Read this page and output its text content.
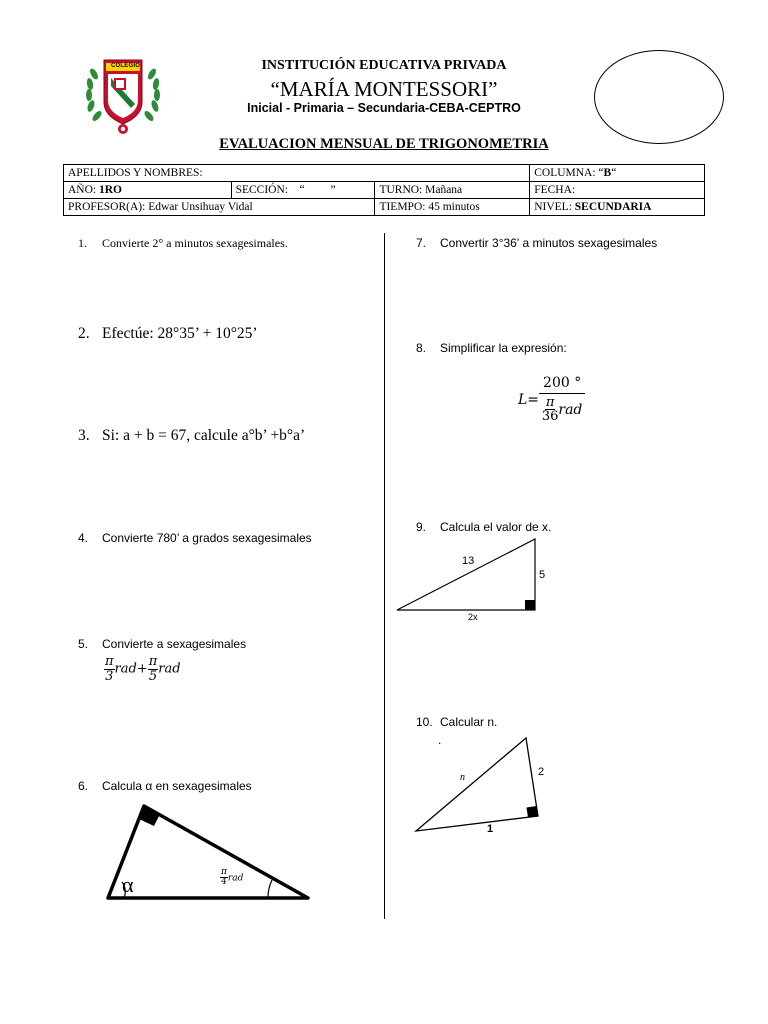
COLEGIO	INSTITUCIÓN EDUCATIVA PRIVADA
“MARÍA MONTESSORI”
Inicial - Primaria – Secundaria-CEBA-CEPTRO
EVALUACION MENSUAL DE TRIGONOMETRIA
APELLIDOS Y NOMBRES:			COLUMNA: “B“
AÑO: 1RO	SECCIÓN:    “         ”	TURNO: Mañana	FECHA:
PROFESOR(A): Edwar Unsihuay Vidal		TIEMPO: 45 minutos	NIVEL: SECUNDARIA
1. Convierte 2° a minutos sexagesimales.
2. Efectúe: 28°35’ + 10°25’
3. Si: a + b = 67, calcule a°b’ +b°a’
4. Convierte 780’ a grados sexagesimales
5. Convierte a sexagesimales
$\frac{\pi}{3} rad+ \frac{\pi}{5}$ rad
6. Calcula α en sexagesimales
α	$\frac{\pi}{4}$ rad
7. Convertir 3°36' a minutos sexagesimales
8. Simplificar la expresión:
$L= \frac{200 ^\circ}{\frac{\pi}{36} rad}$
9. Calcula el valor de x.
13
5
2x
10. Calcular n.
.
n	2
1
